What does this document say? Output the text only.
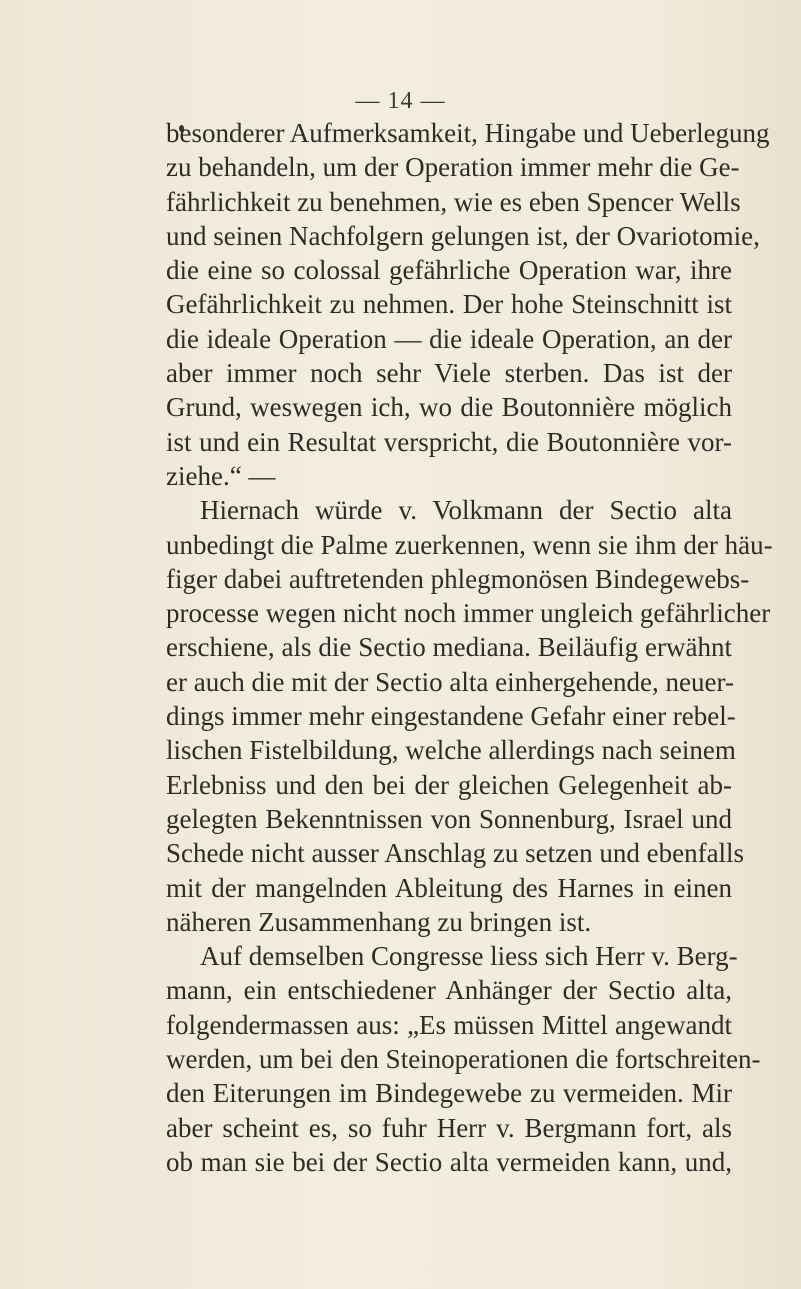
— 14 —
besonderer Aufmerksamkeit, Hingabe und Ueberlegung
zu behandeln, um der Operation immer mehr die Ge-
fährlichkeit zu benehmen, wie es eben Spencer Wells
und seinen Nachfolgern gelungen ist, der Ovariotomie,
die eine so colossal gefährliche Operation war, ihre
Gefährlichkeit zu nehmen. Der hohe Steinschnitt ist
die ideale Operation — die ideale Operation, an der
aber immer noch sehr Viele sterben. Das ist der
Grund, weswegen ich, wo die Boutonnière möglich
ist und ein Resultat verspricht, die Boutonnière vor-
ziehe.“ —
Hiernach würde v. Volkmann der Sectio alta
unbedingt die Palme zuerkennen, wenn sie ihm der häu-
figer dabei auftretenden phlegmonösen Bindegewebs-
processe wegen nicht noch immer ungleich gefährlicher
erschiene, als die Sectio mediana. Beiläufig erwähnt
er auch die mit der Sectio alta einhergehende, neuer-
dings immer mehr eingestandene Gefahr einer rebel-
lischen Fistelbildung, welche allerdings nach seinem
Erlebniss und den bei der gleichen Gelegenheit ab-
gelegten Bekenntnissen von Sonnenburg, Israel und
Schede nicht ausser Anschlag zu setzen und ebenfalls
mit der mangelnden Ableitung des Harnes in einen
näheren Zusammenhang zu bringen ist.
Auf demselben Congresse liess sich Herr v. Berg-
mann, ein entschiedener Anhänger der Sectio alta,
folgendermassen aus: „Es müssen Mittel angewandt
werden, um bei den Steinoperationen die fortschreiten-
den Eiterungen im Bindegewebe zu vermeiden. Mir
aber scheint es, so fuhr Herr v. Bergmann fort, als
ob man sie bei der Sectio alta vermeiden kann, und,
